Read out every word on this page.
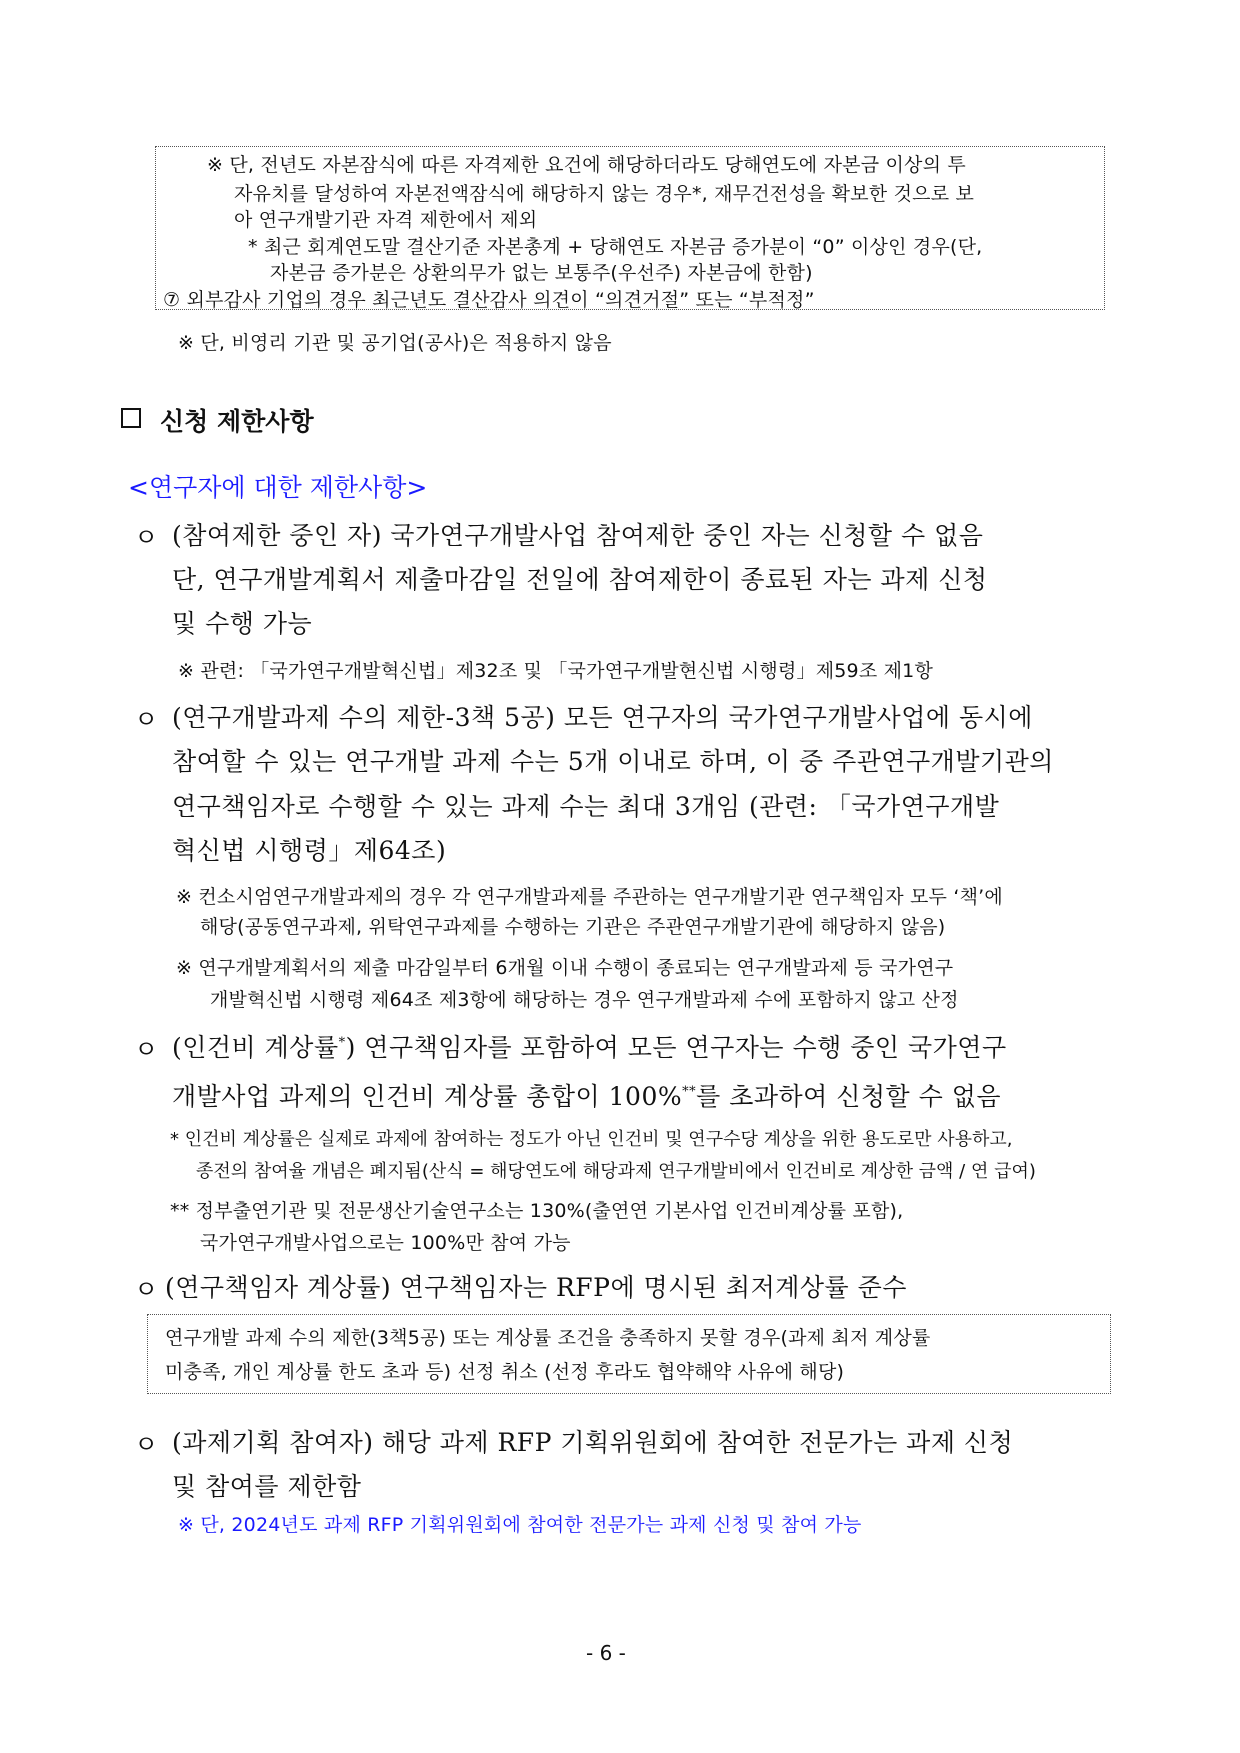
※ 단, 전년도 자본잠식에 따른 자격제한 요건에 해당하더라도 당해연도에 자본금 이상의 투
자유치를 달성하여 자본전액잠식에 해당하지 않는 경우*, 재무건전성을 확보한 것으로 보
아 연구개발기관 자격 제한에서 제외
* 최근 회계연도말 결산기준 자본총계 + 당해연도 자본금 증가분이 “0” 이상인 경우(단,
자본금 증가분은 상환의무가 없는 보통주(우선주) 자본금에 한함)
⑦ 외부감사 기업의 경우 최근년도 결산감사 의견이 “의견거절” 또는 “부적정”
※ 단, 비영리 기관 및 공기업(공사)은 적용하지 않음
신청 제한사항
<연구자에 대한 제한사항>
ㅇ (참여제한 중인 자) 국가연구개발사업 참여제한 중인 자는 신청할 수 없음
단, 연구개발계획서 제출마감일 전일에 참여제한이 종료된 자는 과제 신청
및 수행 가능
※ 관련: 「국가연구개발혁신법」제32조 및 「국가연구개발현신법 시행령」제59조 제1항
ㅇ (연구개발과제 수의 제한-3책 5공) 모든 연구자의 국가연구개발사업에 동시에
참여할 수 있는 연구개발 과제 수는 5개 이내로 하며, 이 중 주관연구개발기관의
연구책임자로 수행할 수 있는 과제 수는 최대 3개임 (관련: 「국가연구개발
혁신법 시행령」제64조)
※ 컨소시엄연구개발과제의 경우 각 연구개발과제를 주관하는 연구개발기관 연구책임자 모두 ‘책’에
해당(공동연구과제, 위탁연구과제를 수행하는 기관은 주관연구개발기관에 해당하지 않음)
※ 연구개발계획서의 제출 마감일부터 6개월 이내 수행이 종료되는 연구개발과제 등 국가연구
개발혁신법 시행령 제64조 제3항에 해당하는 경우 연구개발과제 수에 포함하지 않고 산정
ㅇ (인건비 계상률*) 연구책임자를 포함하여 모든 연구자는 수행 중인 국가연구
개발사업 과제의 인건비 계상률 총합이 100%**를 초과하여 신청할 수 없음
* 인건비 계상률은 실제로 과제에 참여하는 정도가 아닌 인건비 및 연구수당 계상을 위한 용도로만 사용하고,
종전의 참여율 개념은 폐지됨(산식 = 해당연도에 해당과제 연구개발비에서 인건비로 계상한 금액 / 연 급여)
** 정부출연기관 및 전문생산기술연구소는 130%(출연연 기본사업 인건비계상률 포함),
국가연구개발사업으로는 100%만 참여 가능
ㅇ (연구책임자 계상률) 연구책임자는 RFP에 명시된 최저계상률 준수
연구개발 과제 수의 제한(3책5공) 또는 계상률 조건을 충족하지 못할 경우(과제 최저 계상률
미충족, 개인 계상률 한도 초과 등) 선정 취소 (선정 후라도 협약해약 사유에 해당)
ㅇ (과제기획 참여자) 해당 과제 RFP 기획위원회에 참여한 전문가는 과제 신청
및 참여를 제한함
※ 단, 2024년도 과제 RFP 기획위원회에 참여한 전문가는 과제 신청 및 참여 가능
- 6 -
